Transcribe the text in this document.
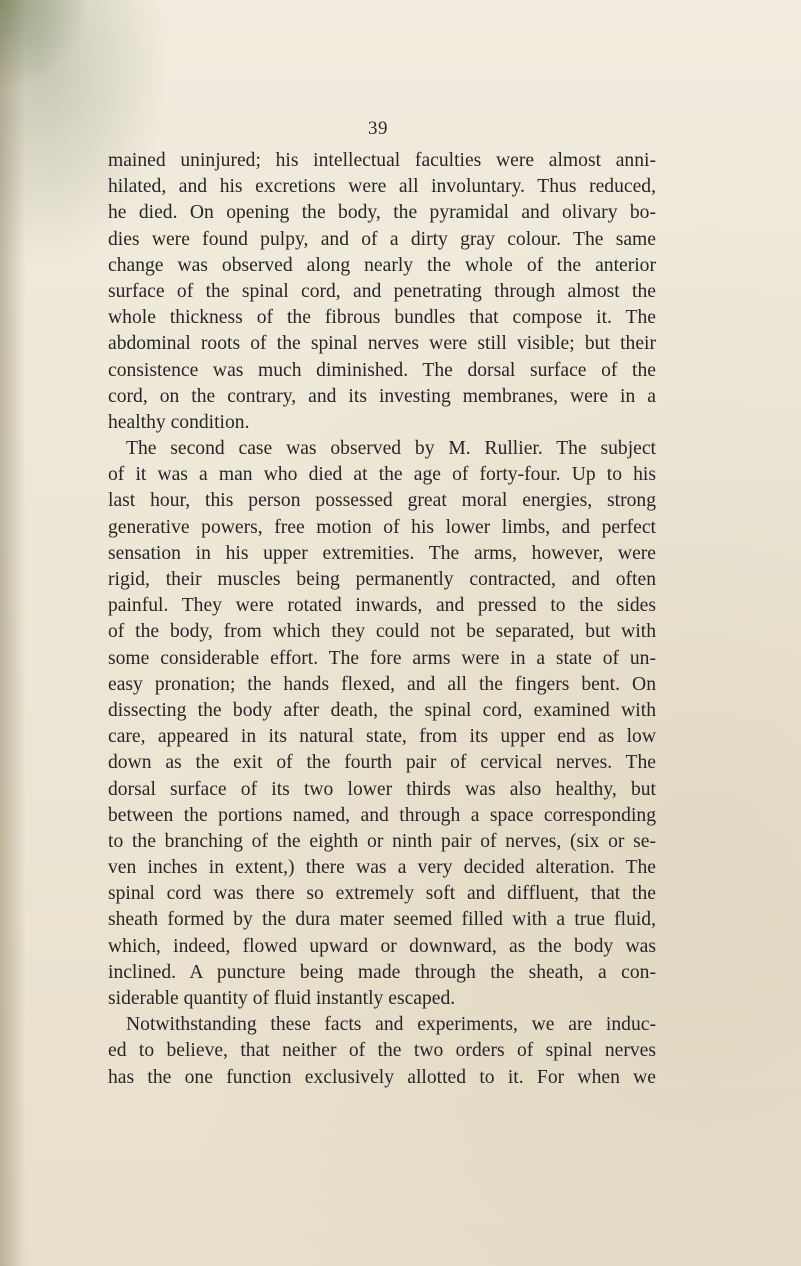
39
mained uninjured; his intellectual faculties were almost anni-
hilated, and his excretions were all involuntary. Thus reduced,
he died. On opening the body, the pyramidal and olivary bo-
dies were found pulpy, and of a dirty gray colour. The same
change was observed along nearly the whole of the anterior
surface of the spinal cord, and penetrating through almost the
whole thickness of the fibrous bundles that compose it. The
abdominal roots of the spinal nerves were still visible; but their
consistence was much diminished. The dorsal surface of the
cord, on the contrary, and its investing membranes, were in a
healthy condition.
The second case was observed by M. Rullier. The subject
of it was a man who died at the age of forty-four. Up to his
last hour, this person possessed great moral energies, strong
generative powers, free motion of his lower limbs, and perfect
sensation in his upper extremities. The arms, however, were
rigid, their muscles being permanently contracted, and often
painful. They were rotated inwards, and pressed to the sides
of the body, from which they could not be separated, but with
some considerable effort. The fore arms were in a state of un-
easy pronation; the hands flexed, and all the fingers bent. On
dissecting the body after death, the spinal cord, examined with
care, appeared in its natural state, from its upper end as low
down as the exit of the fourth pair of cervical nerves. The
dorsal surface of its two lower thirds was also healthy, but
between the portions named, and through a space corresponding
to the branching of the eighth or ninth pair of nerves, (six or se-
ven inches in extent,) there was a very decided alteration. The
spinal cord was there so extremely soft and diffluent, that the
sheath formed by the dura mater seemed filled with a true fluid,
which, indeed, flowed upward or downward, as the body was
inclined. A puncture being made through the sheath, a con-
siderable quantity of fluid instantly escaped.
Notwithstanding these facts and experiments, we are induc-
ed to believe, that neither of the two orders of spinal nerves
has the one function exclusively allotted to it. For when we
